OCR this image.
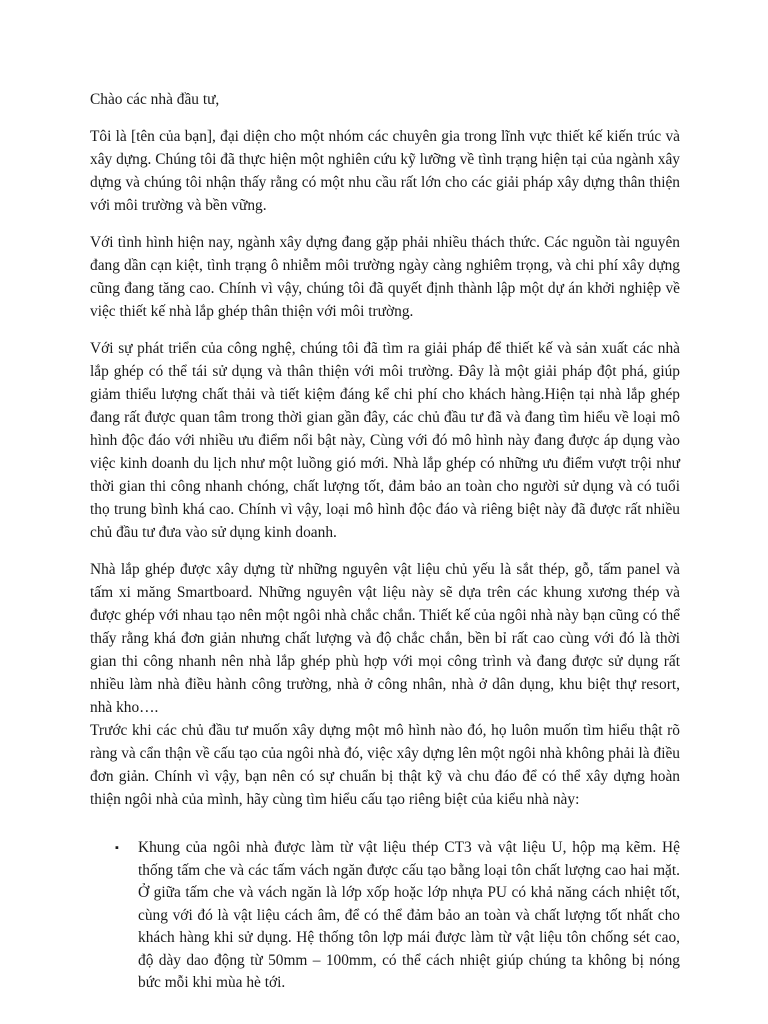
Chào các nhà đầu tư,

Tôi là [tên của bạn], đại diện cho một nhóm các chuyên gia trong lĩnh vực thiết kế kiến trúc và xây dựng. Chúng tôi đã thực hiện một nghiên cứu kỹ lưỡng về tình trạng hiện tại của ngành xây dựng và chúng tôi nhận thấy rằng có một nhu cầu rất lớn cho các giải pháp xây dựng thân thiện với môi trường và bền vững.

Với tình hình hiện nay, ngành xây dựng đang gặp phải nhiều thách thức. Các nguồn tài nguyên đang dần cạn kiệt, tình trạng ô nhiễm môi trường ngày càng nghiêm trọng, và chi phí xây dựng cũng đang tăng cao. Chính vì vậy, chúng tôi đã quyết định thành lập một dự án khởi nghiệp về việc thiết kế nhà lắp ghép thân thiện với môi trường.

Với sự phát triển của công nghệ, chúng tôi đã tìm ra giải pháp để thiết kế và sản xuất các nhà lắp ghép có thể tái sử dụng và thân thiện với môi trường. Đây là một giải pháp đột phá, giúp giảm thiểu lượng chất thải và tiết kiệm đáng kể chi phí cho khách hàng.Hiện tại nhà lắp ghép đang rất được quan tâm trong thời gian gần đây, các chủ đầu tư đã và đang tìm hiểu về loại mô hình độc đáo với nhiều ưu điểm nổi bật này, Cùng với đó mô hình này đang được áp dụng vào việc kinh doanh du lịch như một luồng gió mới. Nhà lắp ghép có những ưu điểm vượt trội như thời gian thi công nhanh chóng, chất lượng tốt, đảm bảo an toàn cho người sử dụng và có tuổi thọ trung bình khá cao. Chính vì vậy, loại mô hình độc đáo và riêng biệt này đã được rất nhiều chủ đầu tư đưa vào sử dụng kinh doanh.

Nhà lắp ghép được xây dựng từ những nguyên vật liệu chủ yếu là sắt thép, gỗ, tấm panel và tấm xi măng Smartboard. Những nguyên vật liệu này sẽ dựa trên các khung xương thép và được ghép với nhau tạo nên một ngôi nhà chắc chắn. Thiết kế của ngôi nhà này bạn cũng có thể thấy rằng khá đơn giản nhưng chất lượng và độ chắc chắn, bền bỉ rất cao cùng với đó là thời gian thi công nhanh nên nhà lắp ghép phù hợp với mọi công trình và đang được sử dụng rất nhiều làm nhà điều hành công trường, nhà ở công nhân, nhà ở dân dụng, khu biệt thự resort, nhà kho….

Trước khi các chủ đầu tư muốn xây dựng một mô hình nào đó, họ luôn muốn tìm hiểu thật rõ ràng và cẩn thận về cấu tạo của ngôi nhà đó, việc xây dựng lên một ngôi nhà không phải là điều đơn giản. Chính vì vậy, bạn nên có sự chuẩn bị thật kỹ và chu đáo để có thể xây dựng hoàn thiện ngôi nhà của mình, hãy cùng tìm hiểu cấu tạo riêng biệt của kiểu nhà này:

▪ Khung của ngôi nhà được làm từ vật liệu thép CT3 và vật liệu U, hộp mạ kẽm. Hệ thống tấm che và các tấm vách ngăn được cấu tạo bằng loại tôn chất lượng cao hai mặt. Ở giữa tấm che và vách ngăn là lớp xốp hoặc lớp nhựa PU có khả năng cách nhiệt tốt, cùng với đó là vật liệu cách âm, để có thể đảm bảo an toàn và chất lượng tốt nhất cho khách hàng khi sử dụng. Hệ thống tôn lợp mái được làm từ vật liệu tôn chống sét cao, độ dày dao động từ 50mm – 100mm, có thể cách nhiệt giúp chúng ta không bị nóng bức mỗi khi mùa hè tới.
